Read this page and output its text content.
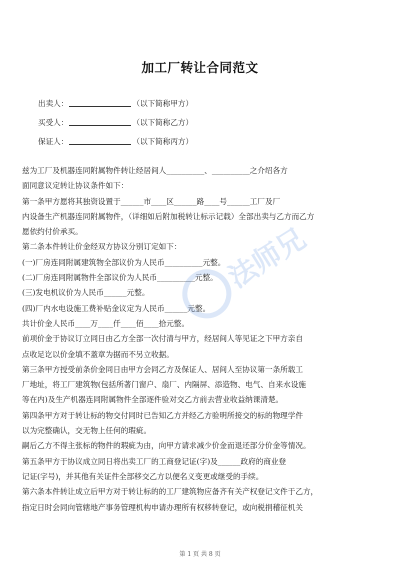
加工厂转让合同范文
出卖人：	（以下简称甲方）
买受人：	（以下简称乙方）
保证人：	（以下简称丙方）

兹为工厂及机器连同附属物件转让经居间人__________、__________之介绍各方

面同意议定转让协议条件如下：

第一条甲方愿将其独资设置于______市____区______路____号______工厂及厂

内设备生产机器连同附属物件，（详细如后附加税转让标示记载）全部出卖与乙方而乙方

愿依约付价承买。

第二条本件转让价金经双方协议分别订定如下：

(一)厂房连同附属建筑物全部议价为人民币__________元整。

(二)厂房连同附属物件全部议价为人民币__________元整。

(三)发电机议价为人民币______元整。

(四)厂内水电设施工费补贴金议定为人民币______元整。

共计价金人民币____万____仟____佰____拾元整。

前项价金于协议订立同日由乙方全部一次付清与甲方，经居间人等见证之下甲方亲自

点收足讫以价金填不蓋章为据而不另立收据。

第三条甲方授受前条价金同日由甲方会同乙方及保证人、居间人至协议第一条所载工

厂地址，将工厂建筑物(包括所著门窗户、扇厂、内隔屏、添造物、电气、自来水设施

等在内)及生产机器连同附属物件全部逐件验对交乙方前去营业收益纳课清楚。

第四条甲方对于转让标的物交付同时已告知乙方并经乙方验明所接交的标的物理学件

以为完整确认，交无物上任何的瑕疵。

嗣后乙方不得主张标的物件的瑕疵为由，向甲方请求减少价金而退还部分价金等情况。

第五条甲方于协议成立同日将出卖工厂的工商登记证(字)及______政府的商业登

记证(字号)，并其他有关证件全部移交乙方以便名义变更或继受的手续。

第六条本件转让成立后甲方对于转让标的的工厂建筑物应备齐有关产权登记文件于乙方，

指定日时会同向管辖地产事务管理机构申请办理所有权移转登记，或向税捐稽征机关

法师兄
第 1 页 共 8 页
